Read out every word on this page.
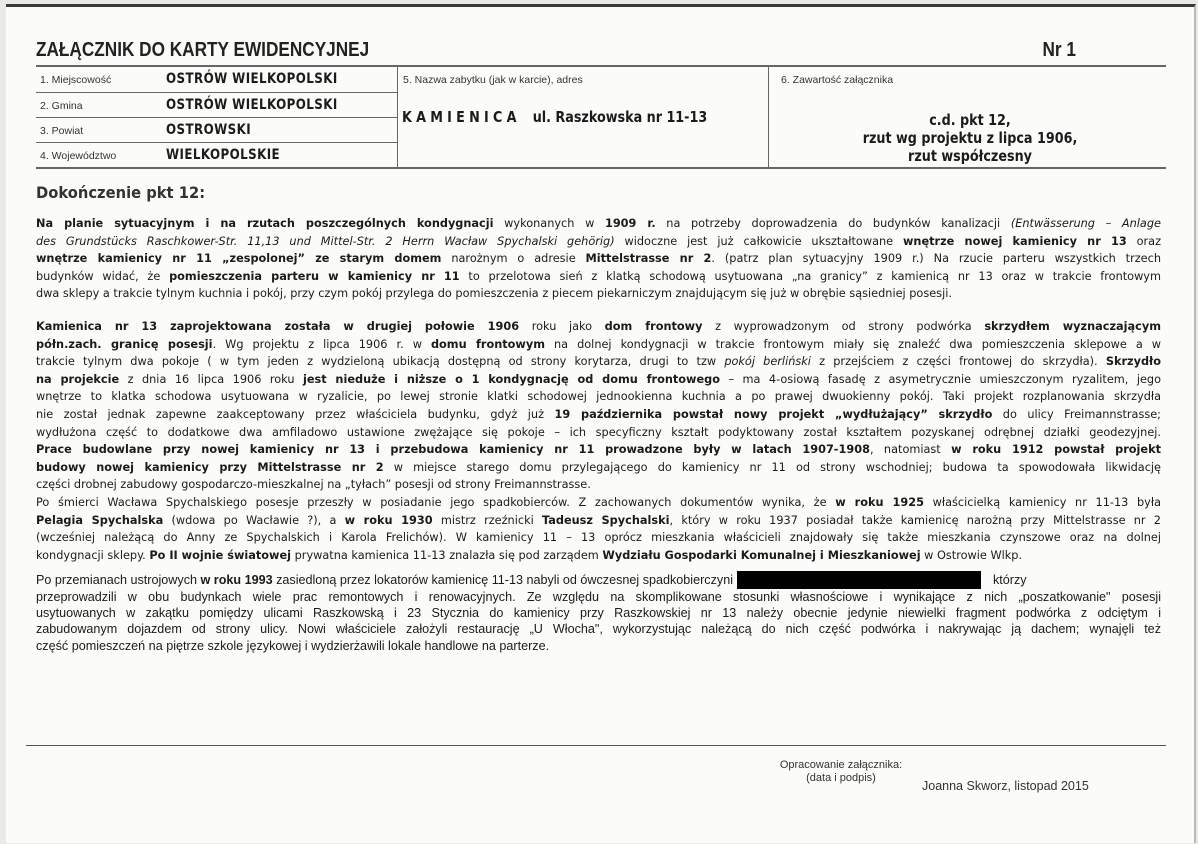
ZAŁĄCZNIK DO KARTY EWIDENCYJNEJ	Nr 1
1. Miejscowość	OSTRÓW WIELKOPOLSKI
2. Gmina	OSTRÓW WIELKOPOLSKI
3. Powiat	OSTROWSKI
4. Województwo	WIELKOPOLSKIE
5. Nazwa zabytku (jak w karcie), adres
KAMIENICA ul. Raszkowska nr 11-13
6. Zawartość załącznika
c.d. pkt 12,
rzut wg projektu z lipca 1906,
rzut współczesny
Dokończenie pkt 12:
Na planie sytuacyjnym i na rzutach poszczególnych kondygnacji wykonanych w 1909 r. na potrzeby doprowadzenia do budynków kanalizacji (Entwässerung – Anlage
des Grundstücks Raschkower-Str. 11,13 und Mittel-Str. 2 Herrn Wacław Spychalski gehörig) widoczne jest już całkowicie ukształtowane wnętrze nowej kamienicy nr 13 oraz
wnętrze kamienicy nr 11 „zespolonej” ze starym domem narożnym o adresie Mittelstrasse nr 2. (patrz plan sytuacyjny 1909 r.) Na rzucie parteru wszystkich trzech
budynków widać, że pomieszczenia parteru w kamienicy nr 11 to przelotowa sień z klatką schodową usytuowana „na granicy” z kamienicą nr 13 oraz w trakcie frontowym
dwa sklepy a trakcie tylnym kuchnia i pokój, przy czym pokój przylega do pomieszczenia z piecem piekarniczym znajdującym się już w obrębie sąsiedniej posesji.
Kamienica nr 13 zaprojektowana została w drugiej połowie 1906 roku jako dom frontowy z wyprowadzonym od strony podwórka skrzydłem wyznaczającym
półn.zach. granicę posesji. Wg projektu z lipca 1906 r. w domu frontowym na dolnej kondygnacji w trakcie frontowym miały się znaleźć dwa pomieszczenia sklepowe a w
trakcie tylnym dwa pokoje ( w tym jeden z wydzieloną ubikacją dostępną od strony korytarza, drugi to tzw pokój berliński z przejściem z części frontowej do skrzydła). Skrzydło
na projekcie z dnia 16 lipca 1906 roku jest nieduże i niższe o 1 kondygnację od domu frontowego – ma 4-osiową fasadę z asymetrycznie umieszczonym ryzalitem, jego
wnętrze to klatka schodowa usytuowana w ryzalicie, po lewej stronie klatki schodowej jednookienna kuchnia a po prawej dwuokienny pokój. Taki projekt rozplanowania skrzydła
nie został jednak zapewne zaakceptowany przez właściciela budynku, gdyż już 19 października powstał nowy projekt „wydłużający” skrzydło do ulicy Freimannstrasse;
wydłużona część to dodatkowe dwa amfiladowo ustawione zwężające się pokoje – ich specyficzny kształt podyktowany został kształtem pozyskanej odrębnej działki geodezyjnej.
Prace budowlane przy nowej kamienicy nr 13 i przebudowa kamienicy nr 11 prowadzone były w latach 1907-1908, natomiast w roku 1912 powstał projekt
budowy nowej kamienicy przy Mittelstrasse nr 2 w miejsce starego domu przylegającego do kamienicy nr 11 od strony wschodniej; budowa ta spowodowała likwidację
części drobnej zabudowy gospodarczo-mieszkalnej na „tyłach” posesji od strony Freimannstrasse.
Po śmierci Wacława Spychalskiego posesje przeszły w posiadanie jego spadkobierców. Z zachowanych dokumentów wynika, że w roku 1925 właścicielką kamienicy nr 11-13 była
Pelagia Spychalska (wdowa po Wacławie ?), a w roku 1930 mistrz rzeźnicki Tadeusz Spychalski, który w roku 1937 posiadał także kamienicę narożną przy Mittelstrasse nr 2
(wcześniej należącą do Anny ze Spychalskich i Karola Frelichów). W kamienicy 11 – 13 oprócz mieszkania właścicieli znajdowały się także mieszkania czynszowe oraz na dolnej
kondygnacji sklepy. Po II wojnie światowej prywatna kamienica 11-13 znalazła się pod zarządem Wydziału Gospodarki Komunalnej i Mieszkaniowej w Ostrowie Wlkp.
Po przemianach ustrojowych w roku 1993 zasiedloną przez lokatorów kamienicę 11-13 nabyli od ówczesnej spadkobierczyni	którzy
przeprowadzili w obu budynkach wiele prac remontowych i renowacyjnych. Ze względu na skomplikowane stosunki własnościowe i wynikające z nich „poszatkowanie" posesji
usytuowanych w zakątku pomiędzy ulicami Raszkowską i 23 Stycznia do kamienicy przy Raszkowskiej nr 13 należy obecnie jedynie niewielki fragment podwórka z odciętym i
zabudowanym dojazdem od strony ulicy. Nowi właściciele założyli restaurację „U Włocha", wykorzystując należącą do nich część podwórka i nakrywając ją dachem; wynajęli też
część pomieszczeń na piętrze szkole językowej i wydzierżawili lokale handlowe na parterze.
Opracowanie załącznika:
(data i podpis)
Joanna Skworz, listopad 2015
